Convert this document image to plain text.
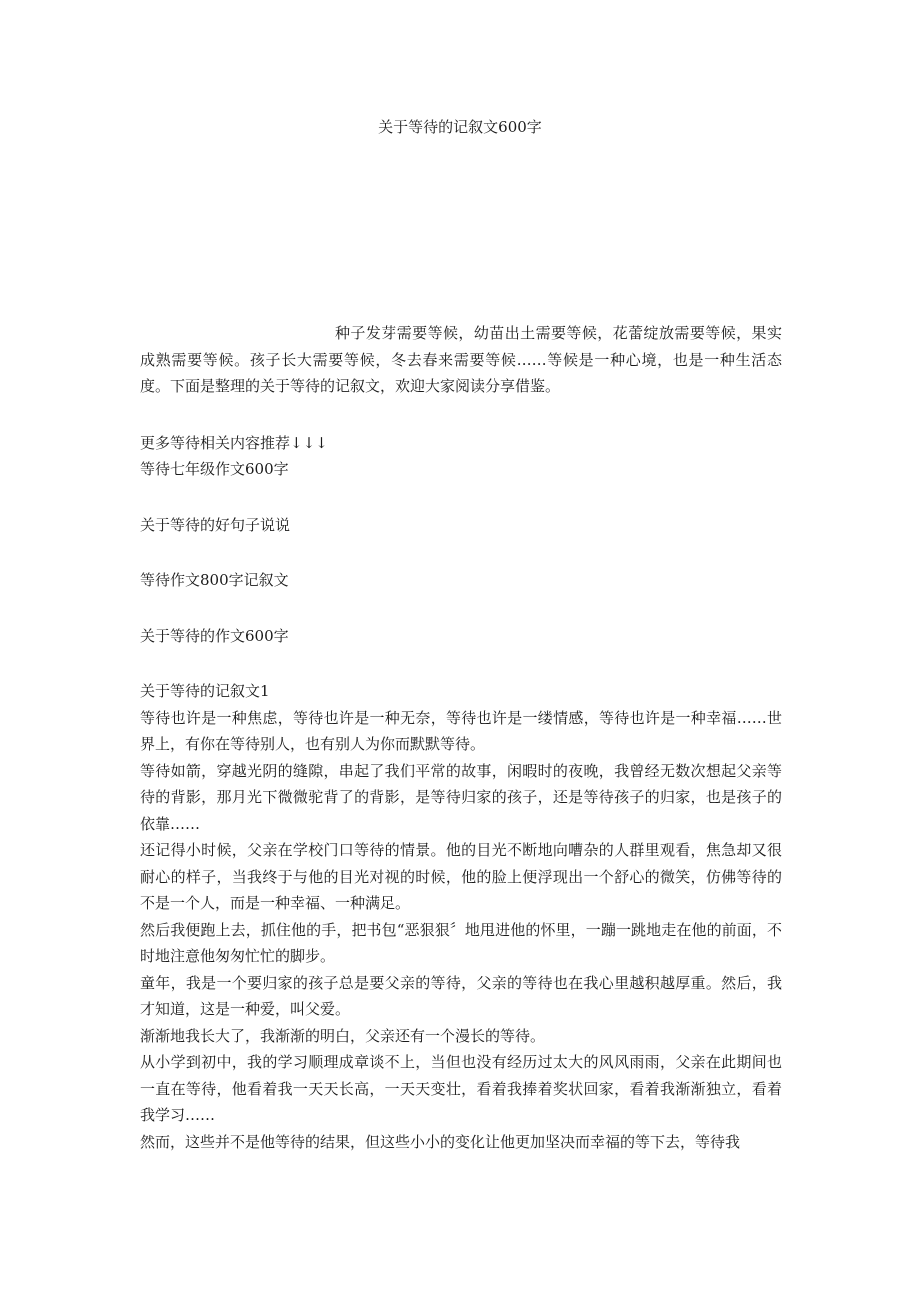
关于等待的记叙文600字

种子发芽需要等候，幼苗出土需要等候，花蕾绽放需要等候，果实成熟需要等候。孩子长大需要等候，冬去春来需要等候……等候是一种心境，也是一种生活态度。下面是整理的关于等待的记叙文，欢迎大家阅读分享借鉴。

更多等待相关内容推荐↓↓↓

等待七年级作文600字

关于等待的好句子说说

等待作文800字记叙文

关于等待的作文600字

关于等待的记叙文1

等待也许是一种焦虑，等待也许是一种无奈，等待也许是一缕情感，等待也许是一种幸福……世界上，有你在等待别人，也有别人为你而默默等待。

等待如箭，穿越光阴的缝隙，串起了我们平常的故事，闲暇时的夜晚，我曾经无数次想起父亲等待的背影，那月光下微微驼背了的背影，是等待归家的孩子，还是等待孩子的归家，也是孩子的依靠……

还记得小时候，父亲在学校门口等待的情景。他的目光不断地向嘈杂的人群里观看，焦急却又很耐心的样子，当我终于与他的目光对视的时候，他的脸上便浮现出一个舒心的微笑，仿佛等待的不是一个人，而是一种幸福、一种满足。

然后我便跑上去，抓住他的手，把书包“恶狠狠〞地甩进他的怀里，一蹦一跳地走在他的前面，不时地注意他匆匆忙忙的脚步。

童年，我是一个要归家的孩子总是要父亲的等待，父亲的等待也在我心里越积越厚重。然后，我才知道，这是一种爱，叫父爱。

渐渐地我长大了，我渐渐的明白，父亲还有一个漫长的等待。

从小学到初中，我的学习顺理成章谈不上，当但也没有经历过太大的风风雨雨，父亲在此期间也一直在等待，他看着我一天天长高，一天天变壮，看着我捧着奖状回家，看着我渐渐独立，看着我学习……

然而，这些并不是他等待的结果，但这些小小的变化让他更加坚决而幸福的等下去，等待我
